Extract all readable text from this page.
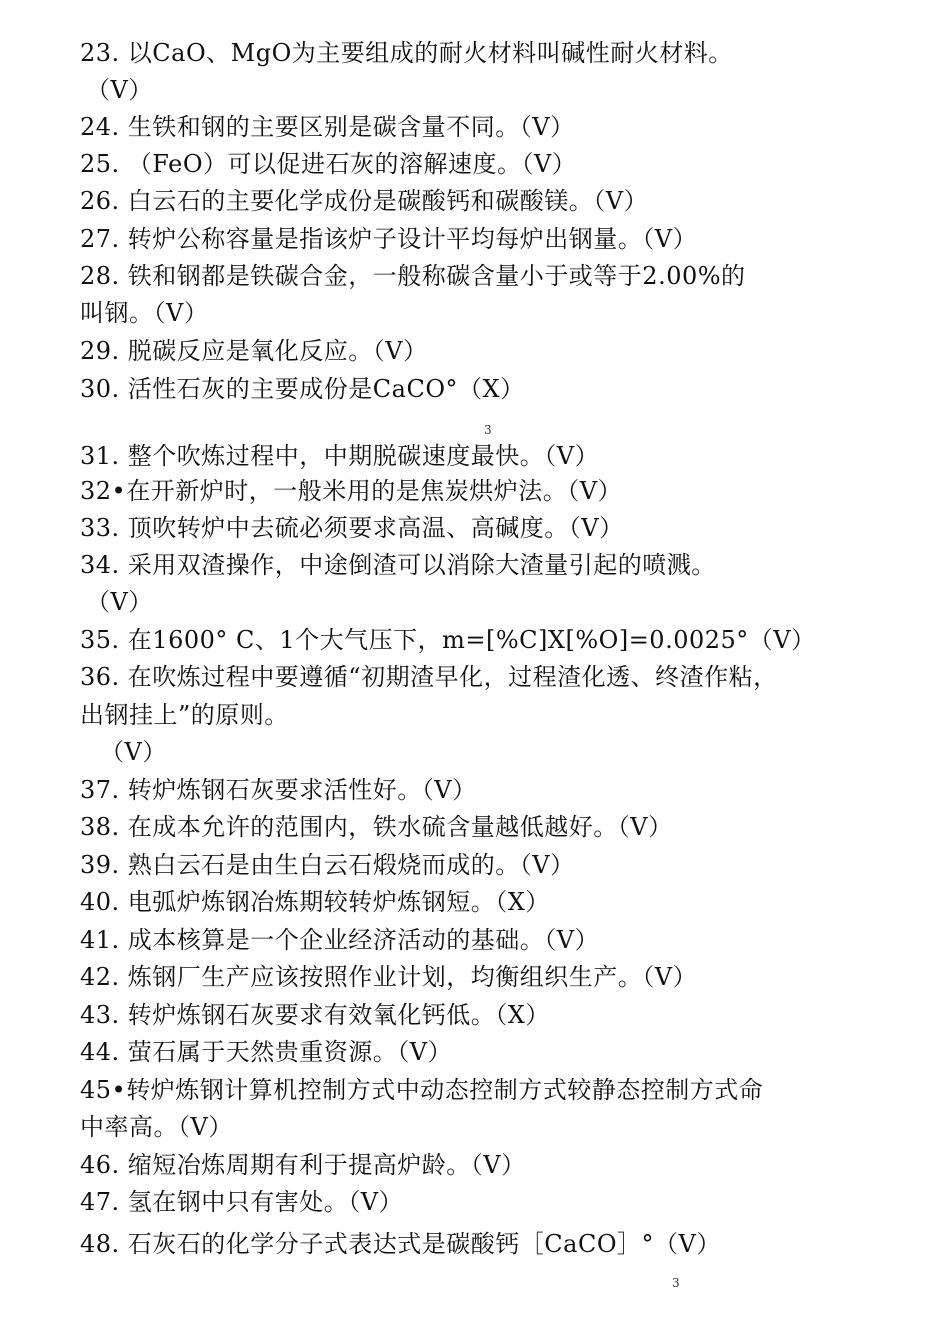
23. 以CaO、MgO为主要组成的耐火材料叫碱性耐火材料。
（V）
24. 生铁和钢的主要区别是碳含量不同。（V）
25. （FeO）可以促进石灰的溶解速度。（V）
26. 白云石的主要化学成份是碳酸钙和碳酸镁。（V）
27. 转炉公称容量是指该炉子设计平均每炉出钢量。（V）
28. 铁和钢都是铁碳合金，一般称碳含量小于或等于2.00%的
叫钢。（V）
29. 脱碳反应是氧化反应。（V）
30. 活性石灰的主要成份是CaCO°（X）
3
31. 整个吹炼过程中，中期脱碳速度最快。（V）
32•在开新炉时，一般米用的是焦炭烘炉法。（V）
33. 顶吹转炉中去硫必须要求高温、高碱度。（V）
34. 采用双渣操作，中途倒渣可以消除大渣量引起的喷溅。
（V）
35. 在1600° C、1个大气压下，m=[%C]X[%O]=0.0025°（V）
36. 在吹炼过程中要遵循“初期渣早化，过程渣化透、终渣作粘，
出钢挂上”的原则。
（V）
37. 转炉炼钢石灰要求活性好。（V）
38. 在成本允许的范围内，铁水硫含量越低越好。（V）
39. 熟白云石是由生白云石煅烧而成的。（V）
40. 电弧炉炼钢冶炼期较转炉炼钢短。（X）
41. 成本核算是一个企业经济活动的基础。（V）
42. 炼钢厂生产应该按照作业计划，均衡组织生产。（V）
43. 转炉炼钢石灰要求有效氧化钙低。（X）
44. 萤石属于天然贵重资源。（V）
45•转炉炼钢计算机控制方式中动态控制方式较静态控制方式命
中率高。（V）
46. 缩短冶炼周期有利于提高炉龄。（V）
47. 氢在钢中只有害处。（V）
48. 石灰石的化学分子式表达式是碳酸钙［CaCO］°（V）
3
